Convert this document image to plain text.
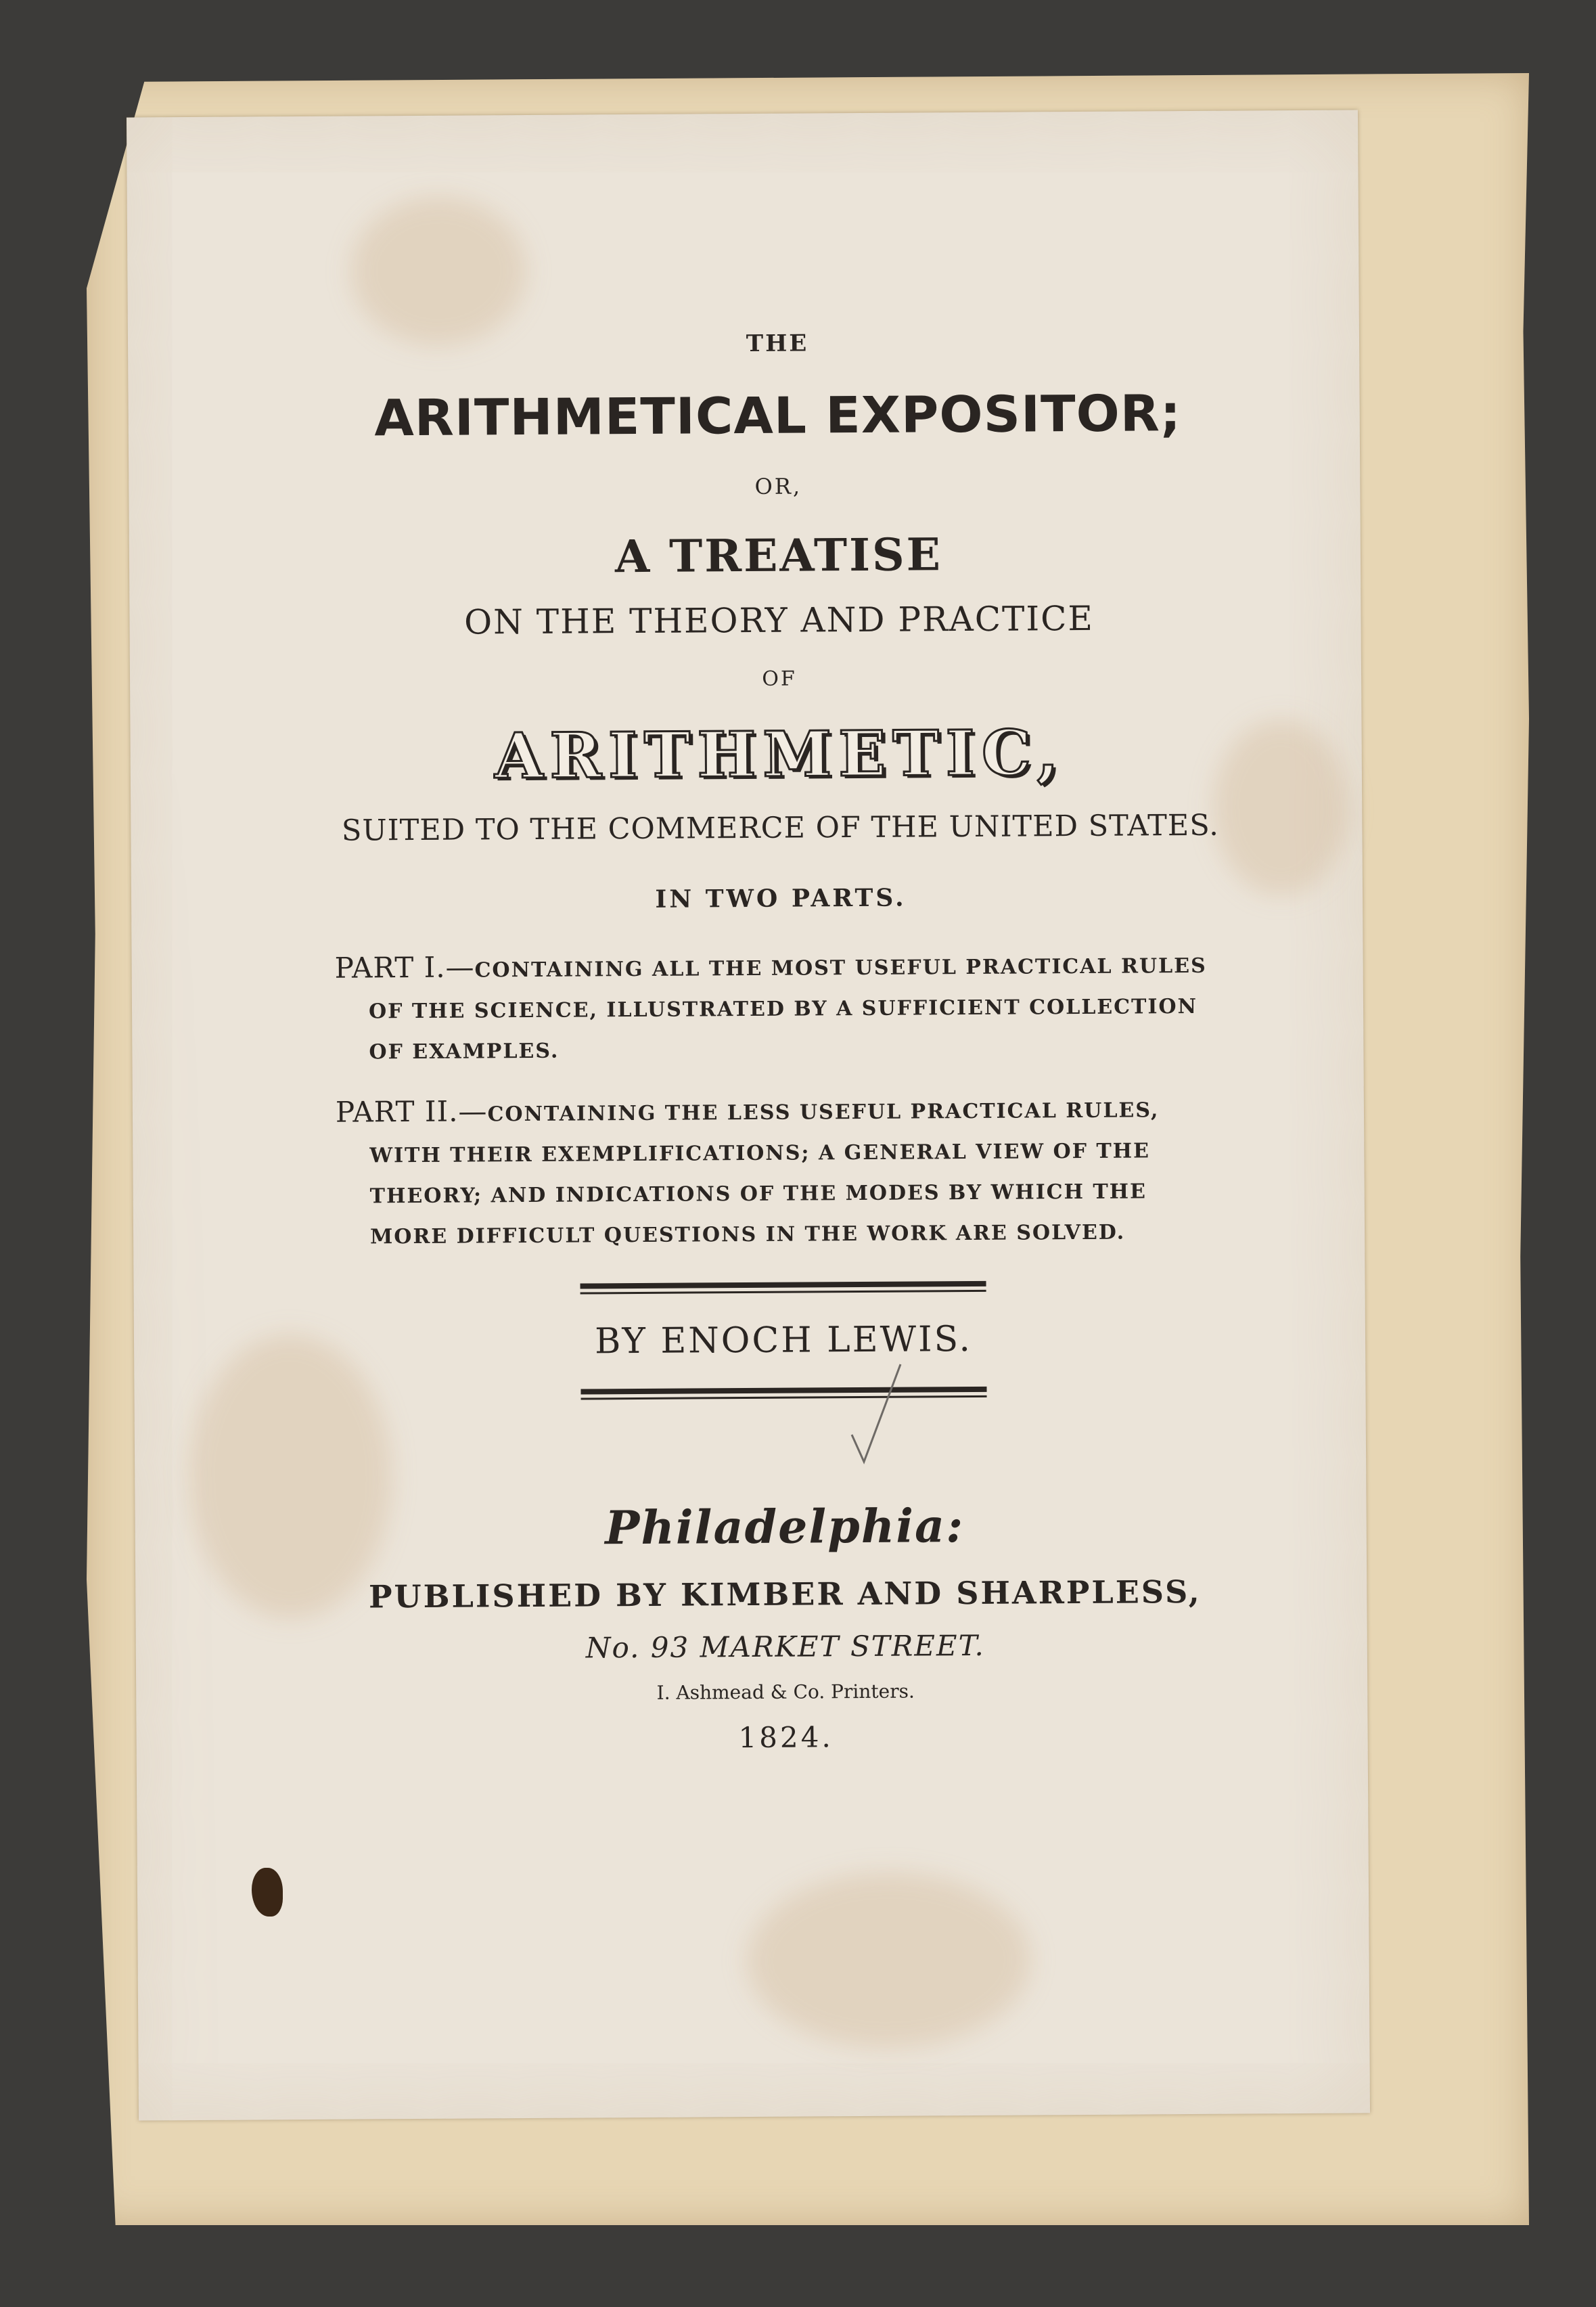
THE
ARITHMETICAL EXPOSITOR;
OR,
A TREATISE
ON THE THEORY AND PRACTICE
OF
ARITHMETIC,
SUITED TO THE COMMERCE OF THE UNITED STATES.
IN TWO PARTS.
PART I.—CONTAINING ALL THE MOST USEFUL PRACTICAL RULES OF THE SCIENCE, ILLUSTRATED BY A SUFFICIENT COLLECTION OF EXAMPLES.
PART II.—CONTAINING THE LESS USEFUL PRACTICAL RULES, WITH THEIR EXEMPLIFICATIONS; A GENERAL VIEW OF THE THEORY; AND INDICATIONS OF THE MODES BY WHICH THE MORE DIFFICULT QUESTIONS IN THE WORK ARE SOLVED.
BY ENOCH LEWIS.
Philadelphia:
PUBLISHED BY KIMBER AND SHARPLESS,
No. 93 MARKET STREET.
I. Ashmead & Co. Printers.
1824.
